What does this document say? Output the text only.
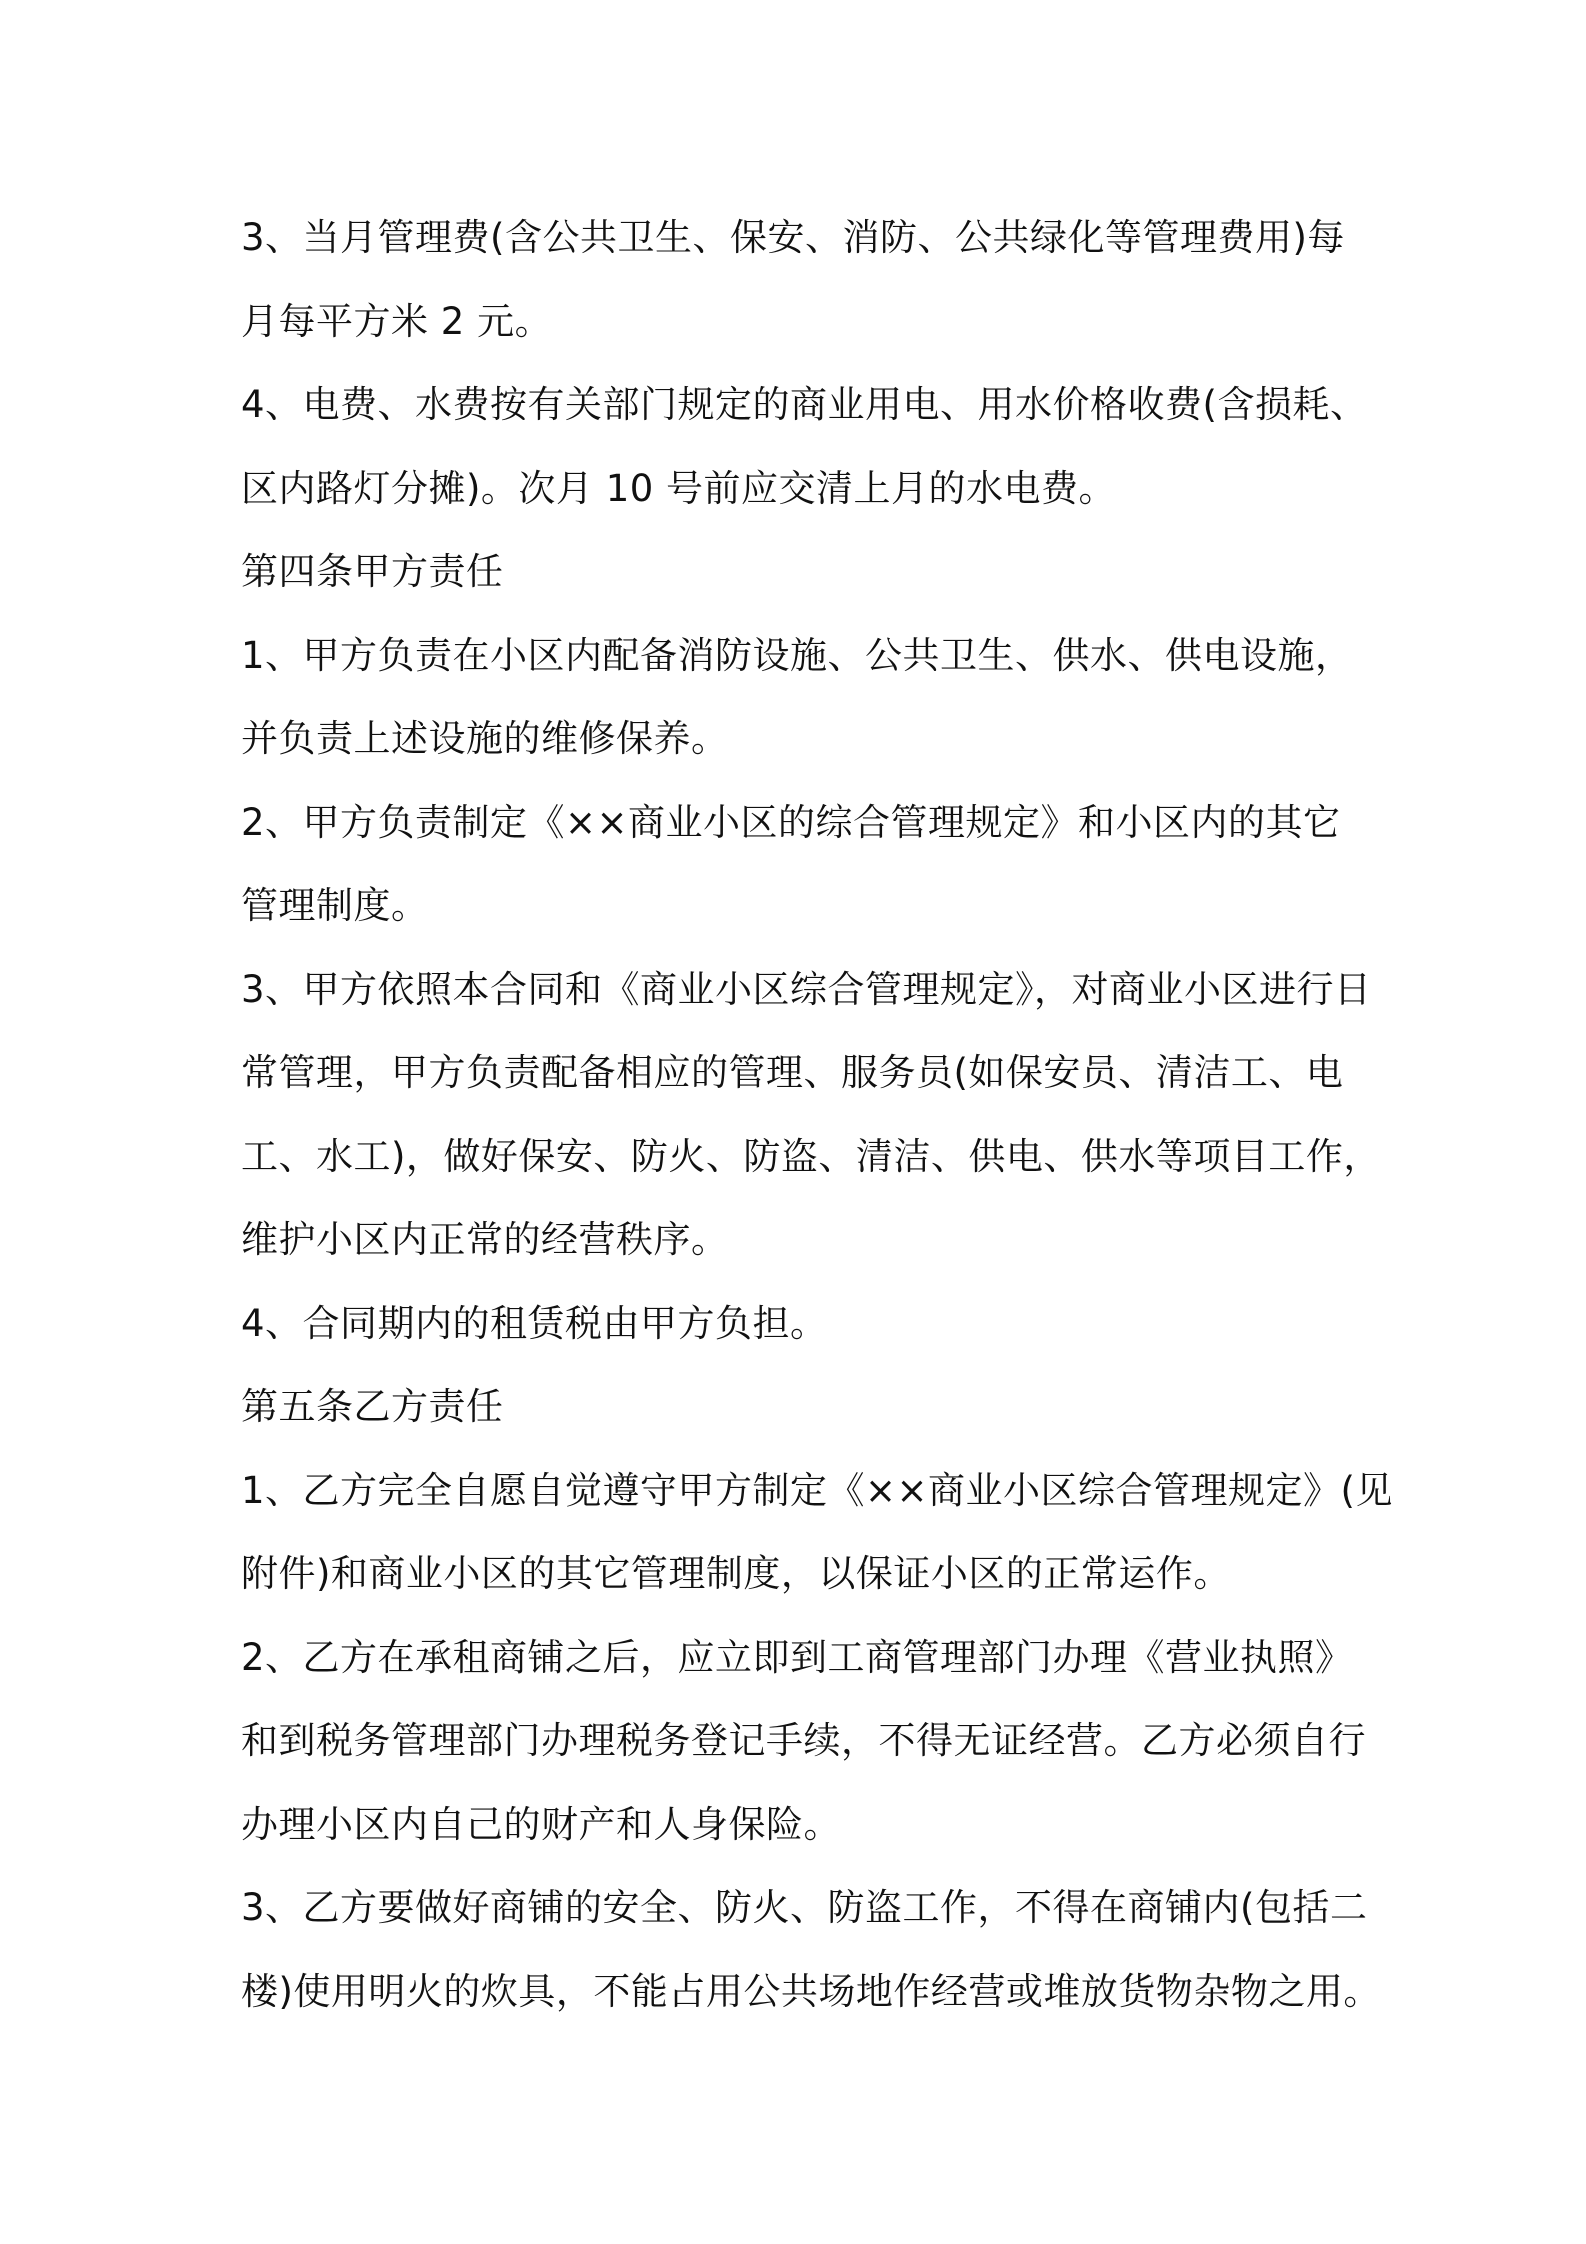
3、当月管理费(含公共卫生、保安、消防、公共绿化等管理费用)每
月每平方米 2 元。
4、电费、水费按有关部门规定的商业用电、用水价格收费(含损耗、
区内路灯分摊)。次月 10 号前应交清上月的水电费。
第四条甲方责任
1、甲方负责在小区内配备消防设施、公共卫生、供水、供电设施，
并负责上述设施的维修保养。
2、甲方负责制定《××商业小区的综合管理规定》和小区内的其它
管理制度。
3、甲方依照本合同和《商业小区综合管理规定》，对商业小区进行日
常管理，甲方负责配备相应的管理、服务员(如保安员、清洁工、电
工、水工)，做好保安、防火、防盗、清洁、供电、供水等项目工作，
维护小区内正常的经营秩序。
4、合同期内的租赁税由甲方负担。
第五条乙方责任
1、乙方完全自愿自觉遵守甲方制定《××商业小区综合管理规定》(见
附件)和商业小区的其它管理制度，以保证小区的正常运作。
2、乙方在承租商铺之后，应立即到工商管理部门办理《营业执照》
和到税务管理部门办理税务登记手续，不得无证经营。乙方必须自行
办理小区内自己的财产和人身保险。
3、乙方要做好商铺的安全、防火、防盗工作，不得在商铺内(包括二
楼)使用明火的炊具，不能占用公共场地作经营或堆放货物杂物之用。
